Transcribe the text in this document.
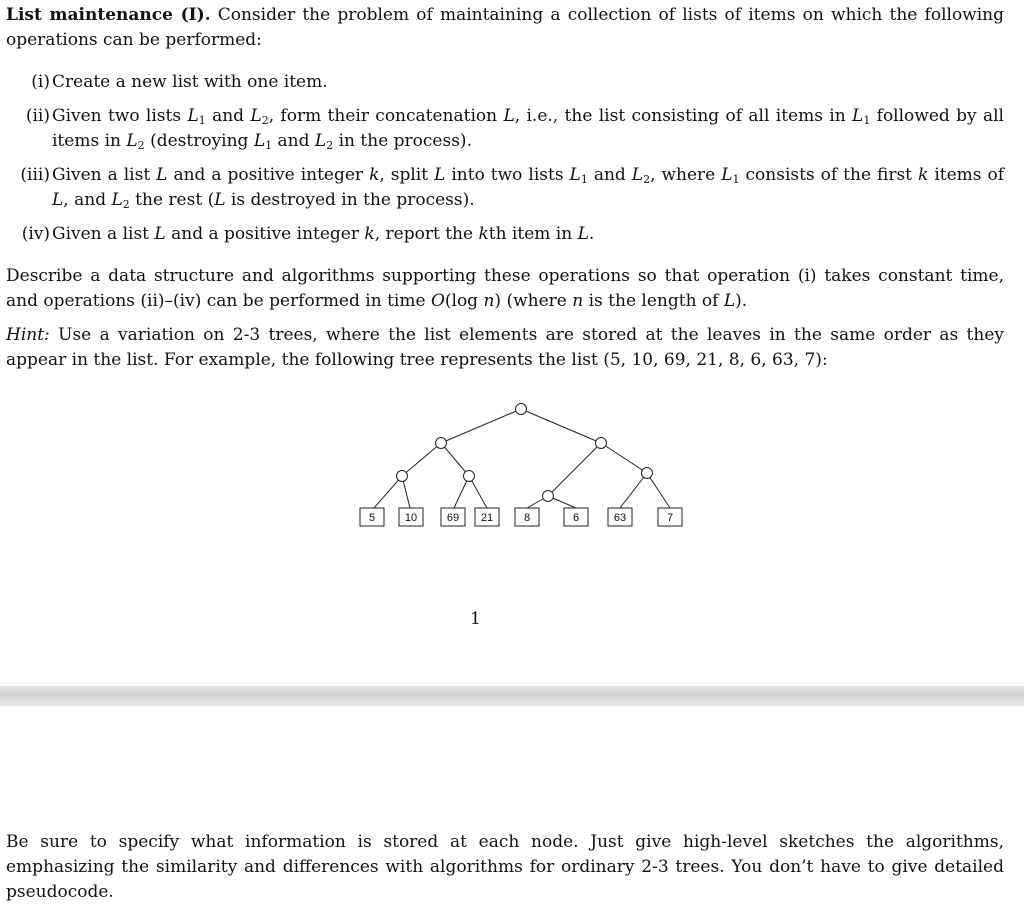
List maintenance (I). Consider the problem of maintaining a collection of lists of items on which the following operations can be performed:
(i) Create a new list with one item.
(ii) Given two lists $L_1$ and $L_2$, form their concatenation L, i.e., the list consisting of all items in $L_1$ followed by all items in $L_2$ (destroying $L_1$ and $L_2$ in the process).
(iii) Given a list L and a positive integer k, split L into two lists $L_1$ and $L_2$, where $L_1$ consists of the first k items of L, and $L_2$ the rest (L is destroyed in the process).
(iv) Given a list L and a positive integer k, report the kth item in L.
Describe a data structure and algorithms supporting these operations so that operation (i) takes constant time, and operations (ii)–(iv) can be performed in time O(log n) (where n is the length of L).
Hint: Use a variation on 2-3 trees, where the list elements are stored at the leaves in the same order as they appear in the list. For example, the following tree represents the list (5, 10, 69, 21, 8, 6, 63, 7):
5	10	69 21	8	6	63	7
1
Be sure to specify what information is stored at each node. Just give high-level sketches the algorithms, emphasizing the similarity and differences with algorithms for ordinary 2-3 trees. You don’t have to give detailed pseudocode.
